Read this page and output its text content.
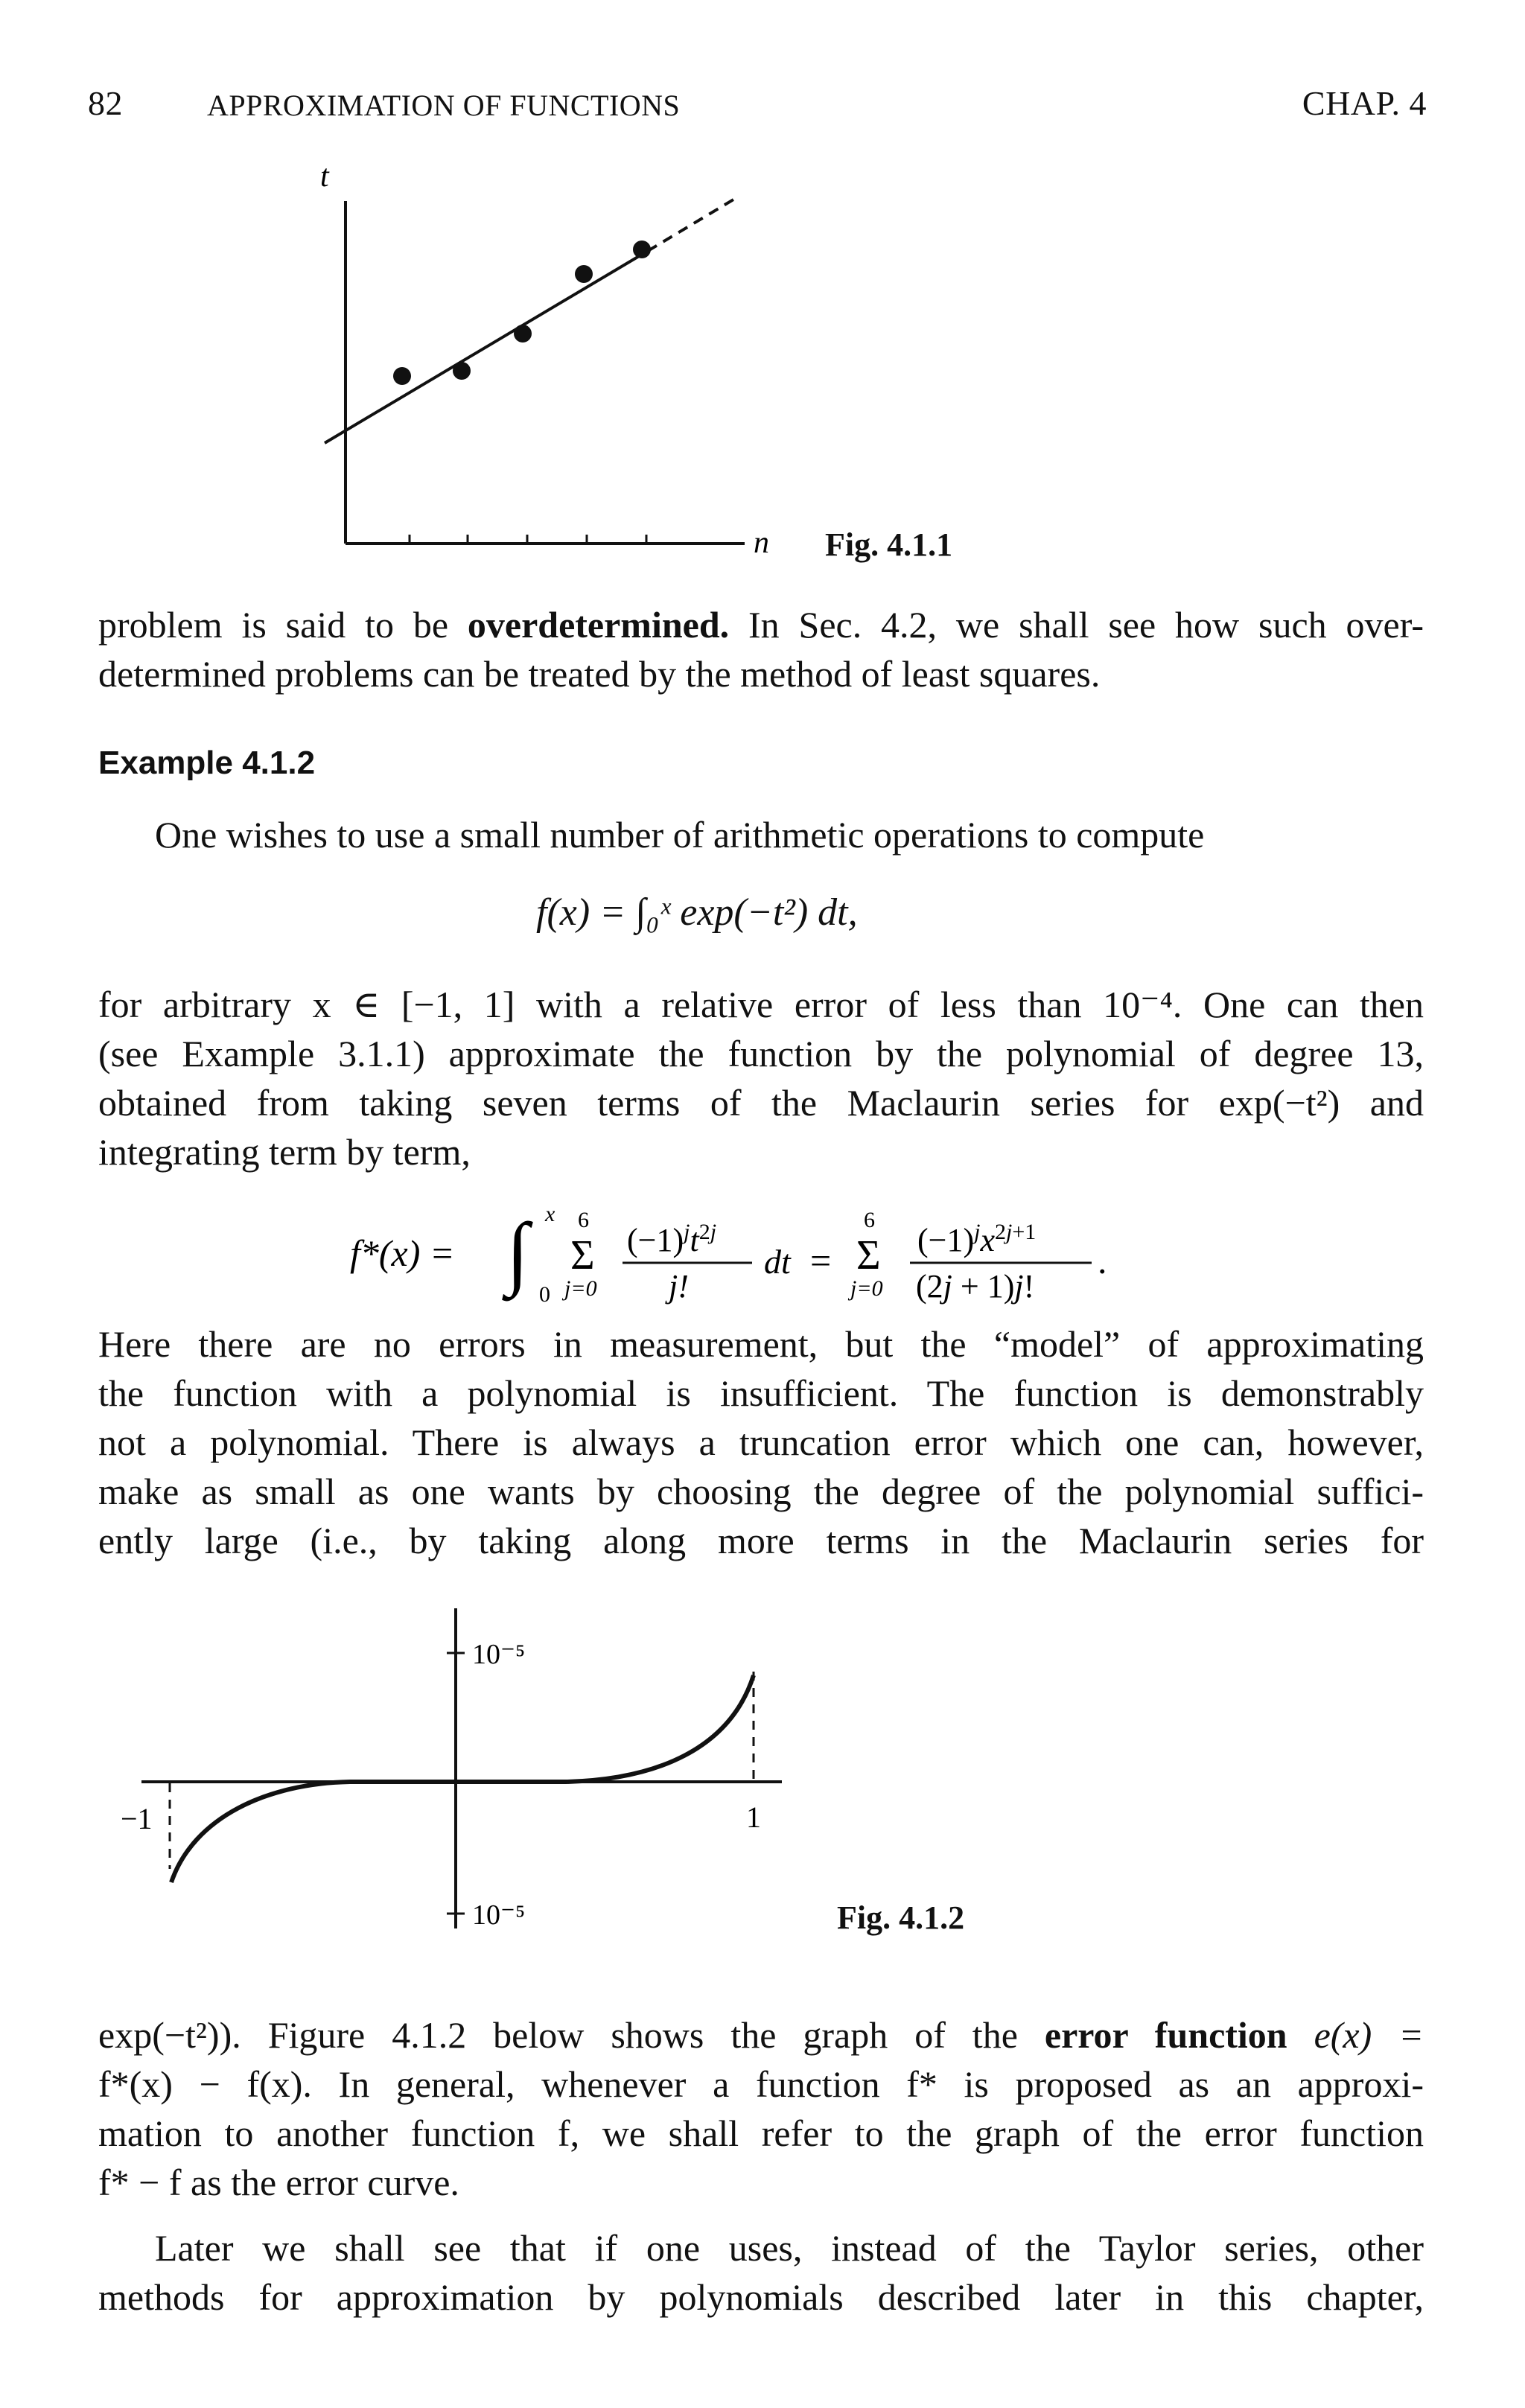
82	APPROXIMATION OF FUNCTIONS	CHAP. 4
t
n Fig. 4.1.1
problem is said to be overdetermined. In Sec. 4.2, we shall see how such over-
determined problems can be treated by the method of least squares.
Example 4.1.2
One wishes to use a small number of arithmetic operations to compute
f(x) = ∫₀ˣ exp(−t²) dt,
for arbitrary x ∈ [−1, 1] with a relative error of less than 10⁻⁴. One can then
(see Example 3.1.1) approximate the function by the polynomial of degree 13,
obtained from taking seven terms of the Maclaurin series for exp(−t²) and
integrating term by term,
f*(x) = ∫ x
0
Σ
6
j=0
$(-1)^jt^2j$
j!
dt = Σ
6
j=0
$(-1)^jx^2j+1$
(2j + 1)j!
.
Here there are no errors in measurement, but the “model” of approximating
the function with a polynomial is insufficient. The function is demonstrably
not a polynomial. There is always a truncation error which one can, however,
make as small as one wants by choosing the degree of the polynomial suffici-
ently large (i.e., by taking along more terms in the Maclaurin series for
10⁻⁵
10⁻⁵
−1	1
Fig. 4.1.2
exp(−t²)). Figure 4.1.2 below shows the graph of the error function e(x) =
f*(x) − f(x). In general, whenever a function f* is proposed as an approxi-
mation to another function f, we shall refer to the graph of the error function
f* − f as the error curve.
Later we shall see that if one uses, instead of the Taylor series, other
methods for approximation by polynomials described later in this chapter,
